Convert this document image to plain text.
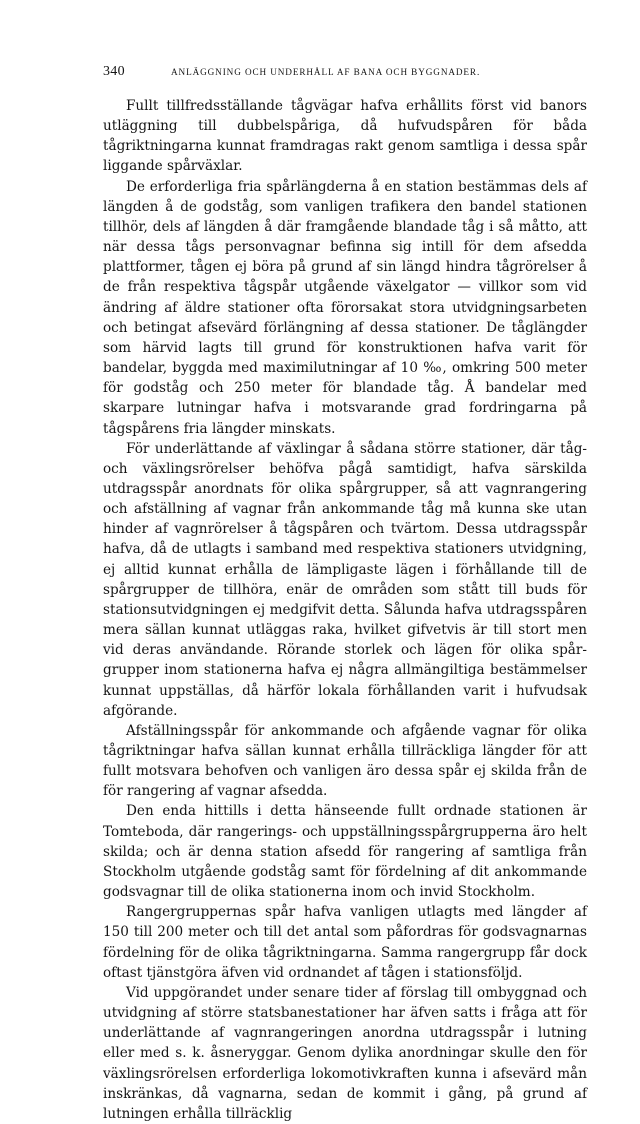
340	ANLÄGGNING OCH UNDERHÅLL AF BANA OCH BYGGNADER.

Fullt tillfredsställande tågvägar hafva erhållits först vid banors utläggning till dubbelspåriga, då hufvudspåren för båda tågriktningarna kunnat framdragas rakt genom samtliga i dessa spår liggande spårväxlar.

De erforderliga fria spårlängderna å en station bestämmas dels af längden å de godståg, som vanligen trafikera den bandel stationen tillhör, dels af längden å där framgående blandade tåg i så måtto, att när dessa tågs personvagnar befinna sig intill för dem afsedda plattformer, tågen ej böra på grund af sin längd hindra tågrörelser å de från respektiva tågspår utgående växelgator — villkor som vid ändring af äldre stationer ofta förorsakat stora utvidgningsarbeten och betingat afsevärd förlängning af dessa stationer. De tåglängder som härvid lagts till grund för konstruktionen hafva varit för bandelar, byggda med maximilutningar af 10 ‰, omkring 500 meter för godståg och 250 meter för blandade tåg. Å bandelar med skarpare lutningar hafva i motsvarande grad fordringarna på tågspårens fria längder minskats.

För underlättande af växlingar å sådana större stationer, där tåg- och växlingsrörelser behöfva pågå samtidigt, hafva särskilda utdragsspår anordnats för olika spårgrupper, så att vagnrangering och afställning af vagnar från ankommande tåg må kunna ske utan hinder af vagnrörelser å tågspåren och tvärtom. Dessa utdragsspår hafva, då de utlagts i samband med respektiva stationers utvidgning, ej alltid kunnat erhålla de lämpligaste lägen i förhållande till de spårgrupper de tillhöra, enär de områden som stått till buds för stationsutvidgningen ej medgifvit detta. Sålunda hafva utdragsspåren mera sällan kunnat utläggas raka, hvilket gifvetvis är till stort men vid deras användande. Rörande storlek och lägen för olika spårgrupper inom stationerna hafva ej några allmängiltiga bestämmelser kunnat uppställas, då härför lokala förhållanden varit i hufvudsak afgörande.

Afställningsspår för ankommande och afgående vagnar för olika tågriktningar hafva sällan kunnat erhålla tillräckliga längder för att fullt motsvara behofven och vanligen äro dessa spår ej skilda från de för rangering af vagnar afsedda.

Den enda hittills i detta hänseende fullt ordnade stationen är Tomteboda, där rangerings- och uppställningsspårgrupperna äro helt skilda; och är denna station afsedd för rangering af samtliga från Stockholm utgående godståg samt för fördelning af dit ankommande godsvagnar till de olika stationerna inom och invid Stockholm.

Rangergruppernas spår hafva vanligen utlagts med längder af 150 till 200 meter och till det antal som påfordras för godsvagnarnas fördelning för de olika tågriktningarna. Samma rangergrupp får dock oftast tjänstgöra äfven vid ordnandet af tågen i stationsföljd.

Vid uppgörandet under senare tider af förslag till ombyggnad och utvidgning af större statsbanestationer har äfven satts i fråga att för underlättande af vagnrangeringen anordna utdragsspår i lutning eller med s. k. åsneryggar. Genom dylika anordningar skulle den för växlingsrörelsen erforderliga lokomotivkraften kunna i afsevärd mån inskränkas, då vagnarna, sedan de kommit i gång, på grund af lutningen erhålla tillräcklig
